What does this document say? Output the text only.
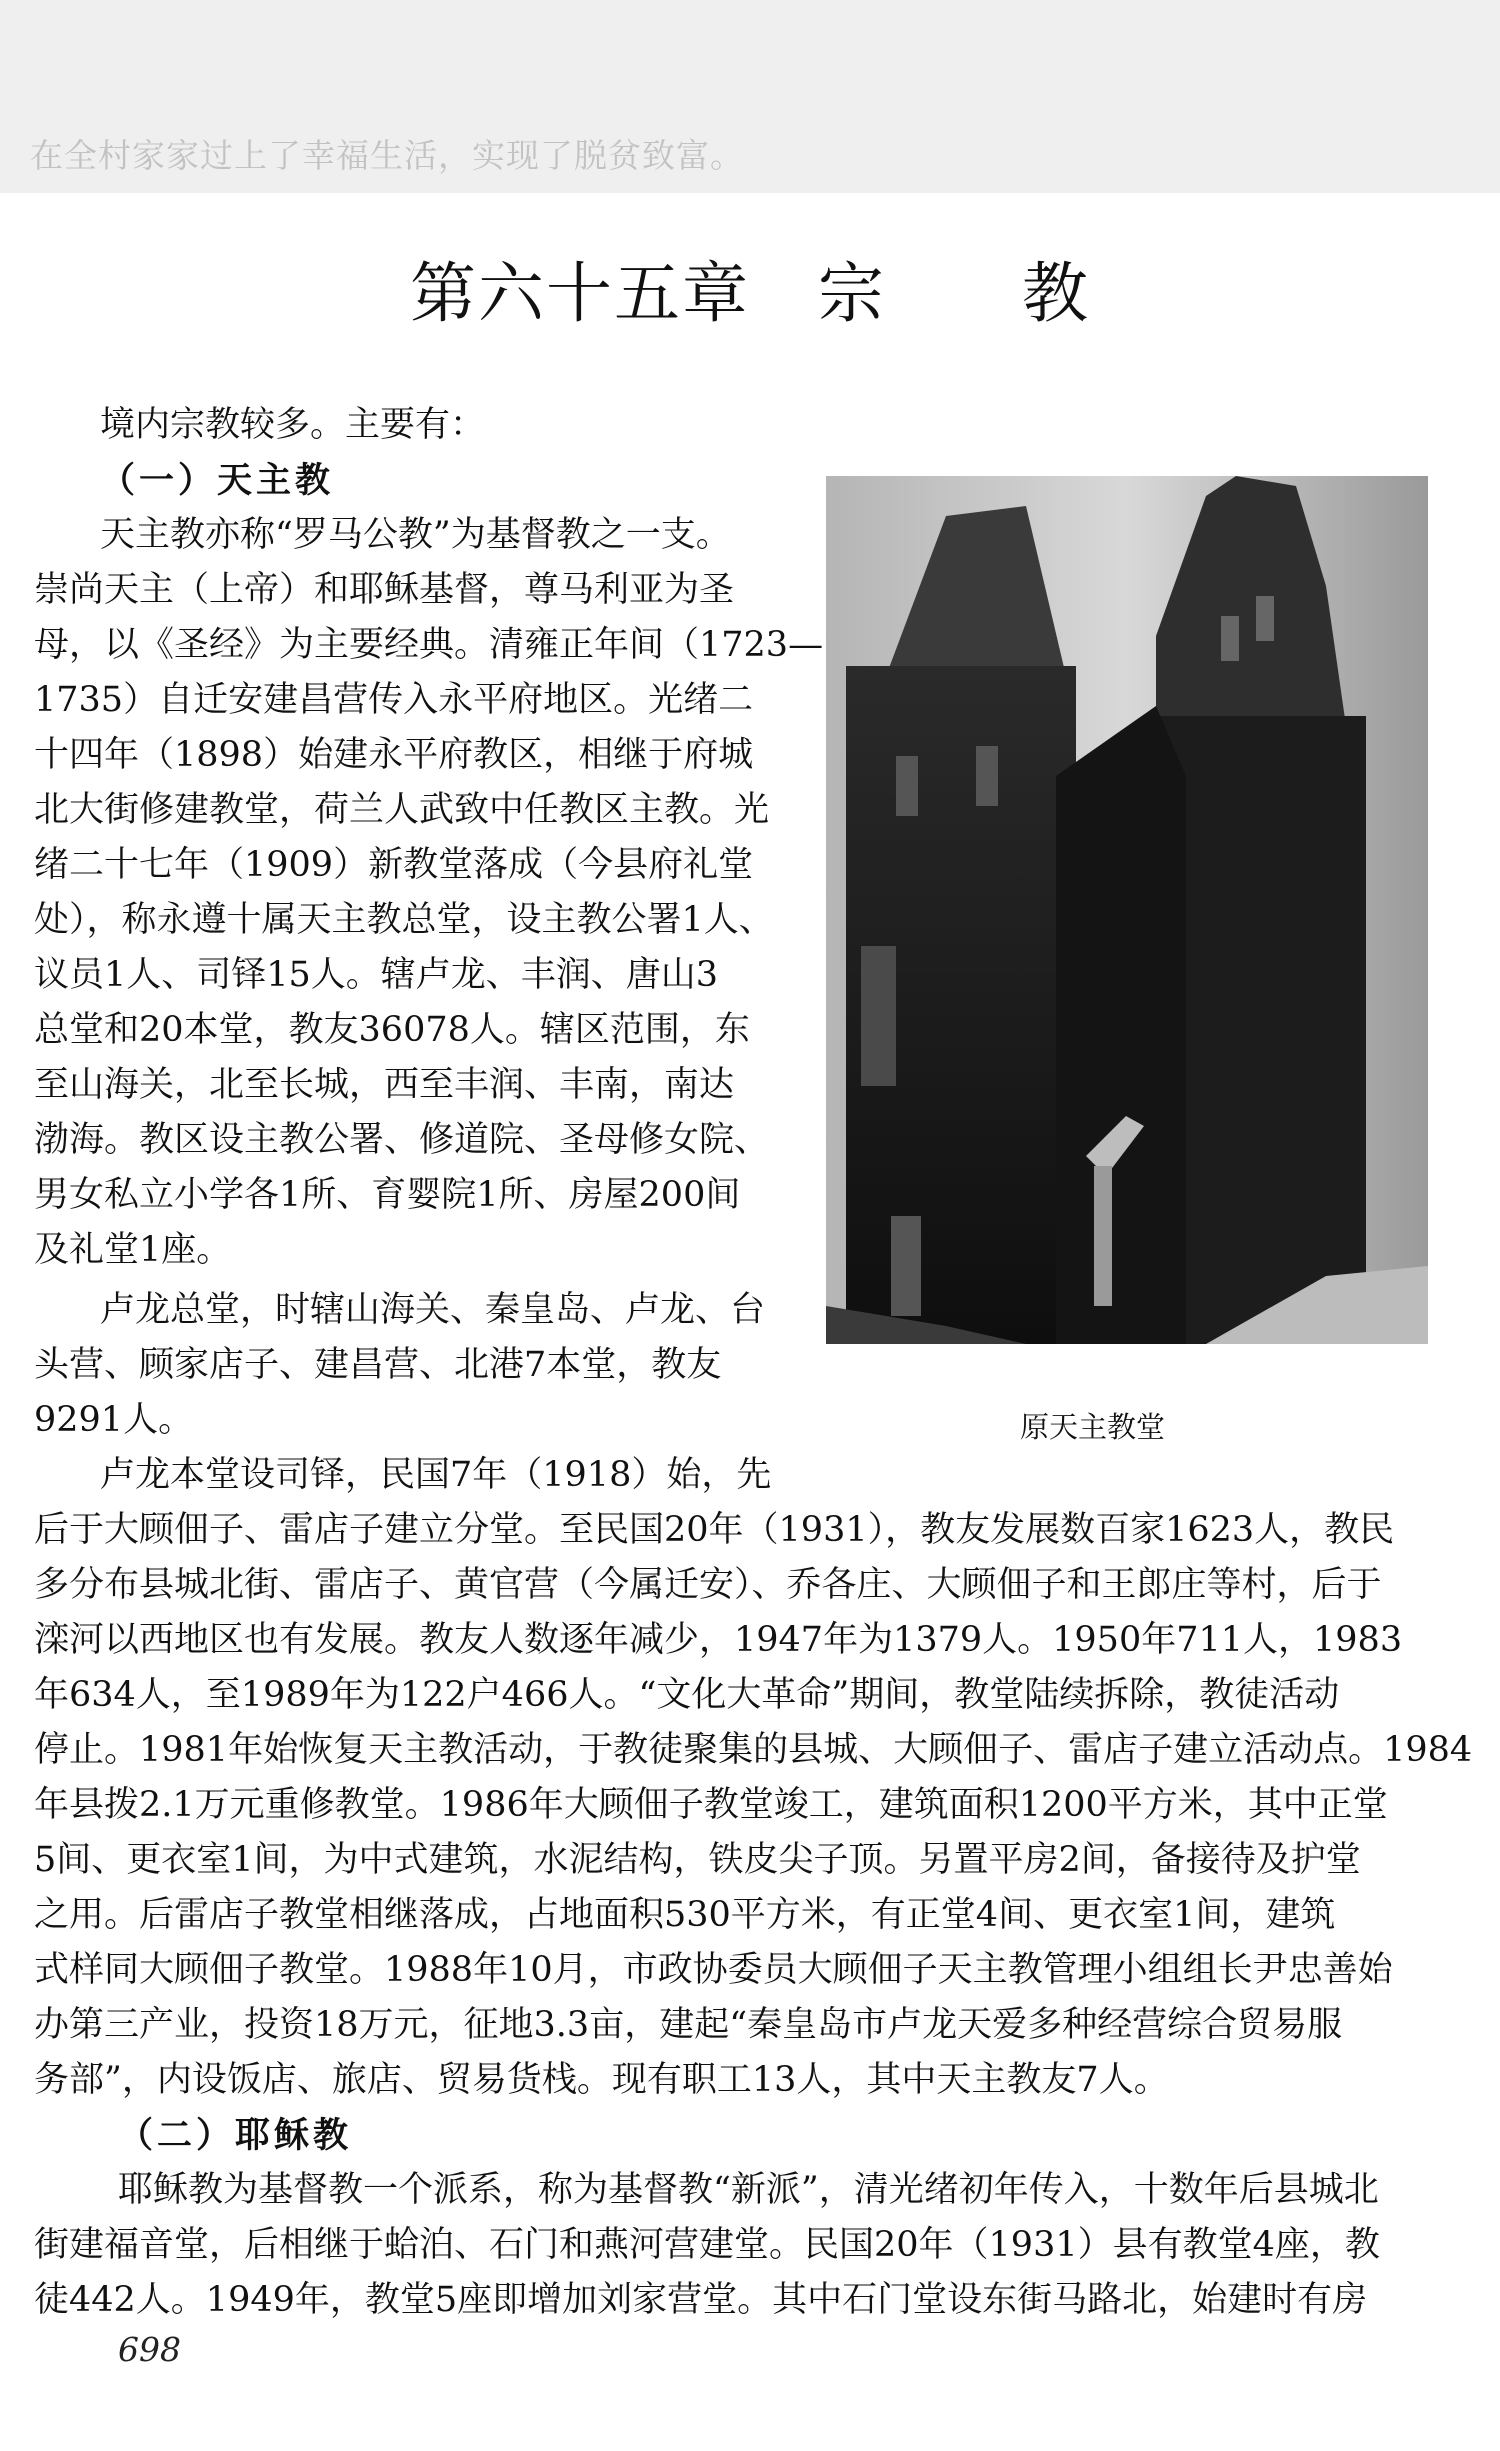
在全村家家过上了幸福生活，实现了脱贫致富。
第六十五章　宗　　教
境内宗教较多。主要有：
（一）天主教
天主教亦称“罗马公教”为基督教之一支。
崇尚天主（上帝）和耶稣基督，尊马利亚为圣
母，以《圣经》为主要经典。清雍正年间（1723—
1735）自迁安建昌营传入永平府地区。光绪二
十四年（1898）始建永平府教区，相继于府城
北大街修建教堂，荷兰人武致中任教区主教。光
绪二十七年（1909）新教堂落成（今县府礼堂
处），称永遵十属天主教总堂，设主教公署1人、
议员1人、司铎15人。辖卢龙、丰润、唐山3
总堂和20本堂，教友36078人。辖区范围，东
至山海关，北至长城，西至丰润、丰南，南达
渤海。教区设主教公署、修道院、圣母修女院、
男女私立小学各1所、育婴院1所、房屋200间
及礼堂1座。
卢龙总堂，时辖山海关、秦皇岛、卢龙、台
头营、顾家店子、建昌营、北港7本堂，教友
9291人。
卢龙本堂设司铎，民国7年（1918）始，先
后于大顾佃子、雷店子建立分堂。至民国20年（1931），教友发展数百家1623人，教民
多分布县城北街、雷店子、黄官营（今属迁安）、乔各庄、大顾佃子和王郎庄等村，后于
滦河以西地区也有发展。教友人数逐年减少，1947年为1379人。1950年711人，1983
年634人，至1989年为122户466人。“文化大革命”期间，教堂陆续拆除，教徒活动
停止。1981年始恢复天主教活动，于教徒聚集的县城、大顾佃子、雷店子建立活动点。1984
年县拨2.1万元重修教堂。1986年大顾佃子教堂竣工，建筑面积1200平方米，其中正堂
5间、更衣室1间，为中式建筑，水泥结构，铁皮尖子顶。另置平房2间，备接待及护堂
之用。后雷店子教堂相继落成，占地面积530平方米，有正堂4间、更衣室1间，建筑
式样同大顾佃子教堂。1988年10月，市政协委员大顾佃子天主教管理小组组长尹忠善始
办第三产业，投资18万元，征地3.3亩，建起“秦皇岛市卢龙天爱多种经营综合贸易服
务部”，内设饭店、旅店、贸易货栈。现有职工13人，其中天主教友7人。
（二）耶稣教
耶稣教为基督教一个派系，称为基督教“新派”，清光绪初年传入，十数年后县城北
街建福音堂，后相继于蛤泊、石门和燕河营建堂。民国20年（1931）县有教堂4座，教
徒442人。1949年，教堂5座即增加刘家营堂。其中石门堂设东街马路北，始建时有房
原天主教堂
698
